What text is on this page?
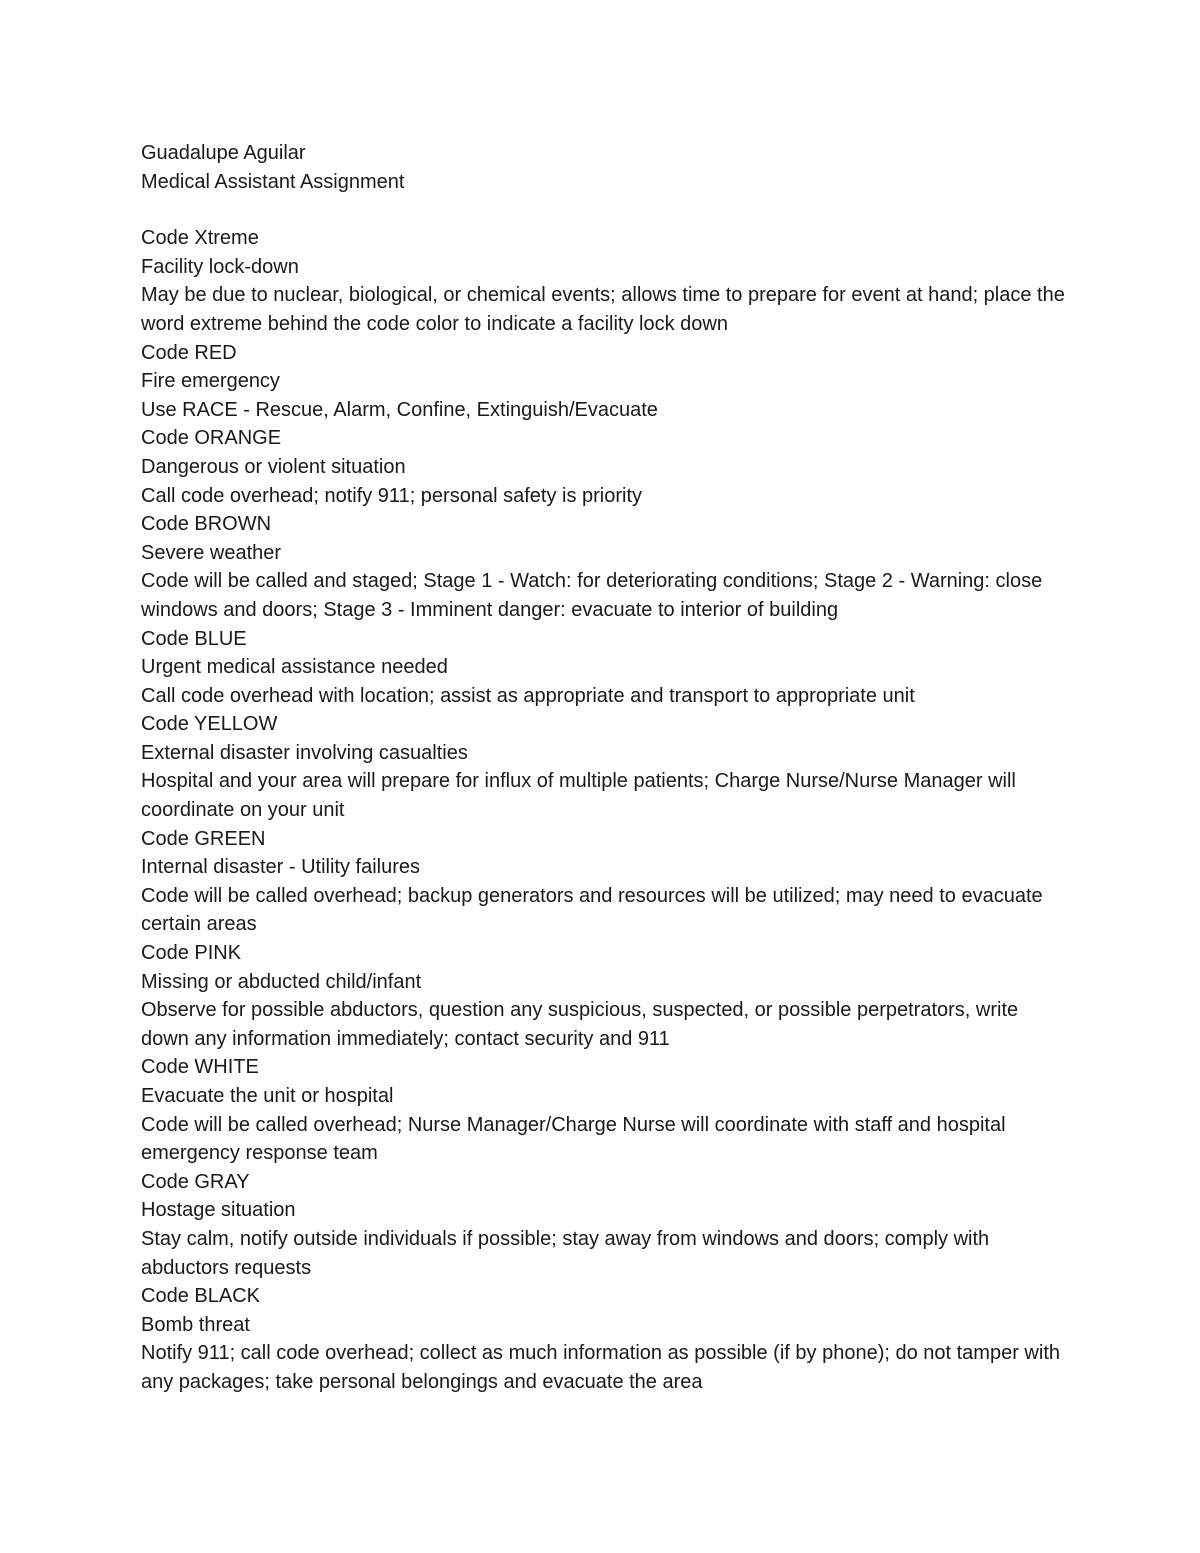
Guadalupe Aguilar
Medical Assistant Assignment
Code Xtreme
Facility lock-down
May be due to nuclear, biological, or chemical events; allows time to prepare for event at hand; place the word extreme behind the code color to indicate a facility lock down
Code RED
Fire emergency
Use RACE - Rescue, Alarm, Confine, Extinguish/Evacuate
Code ORANGE
Dangerous or violent situation
Call code overhead; notify 911; personal safety is priority
Code BROWN
Severe weather
Code will be called and staged; Stage 1 - Watch: for deteriorating conditions; Stage 2 - Warning: close windows and doors; Stage 3 - Imminent danger: evacuate to interior of building
Code BLUE
Urgent medical assistance needed
Call code overhead with location; assist as appropriate and transport to appropriate unit
Code YELLOW
External disaster involving casualties
Hospital and your area will prepare for influx of multiple patients; Charge Nurse/Nurse Manager will coordinate on your unit
Code GREEN
Internal disaster - Utility failures
Code will be called overhead; backup generators and resources will be utilized; may need to evacuate certain areas
Code PINK
Missing or abducted child/infant
Observe for possible abductors, question any suspicious, suspected, or possible perpetrators, write down any information immediately; contact security and 911
Code WHITE
Evacuate the unit or hospital
Code will be called overhead; Nurse Manager/Charge Nurse will coordinate with staff and hospital emergency response team
Code GRAY
Hostage situation
Stay calm, notify outside individuals if possible; stay away from windows and doors; comply with abductors requests
Code BLACK
Bomb threat
Notify 911; call code overhead; collect as much information as possible (if by phone); do not tamper with any packages; take personal belongings and evacuate the area
